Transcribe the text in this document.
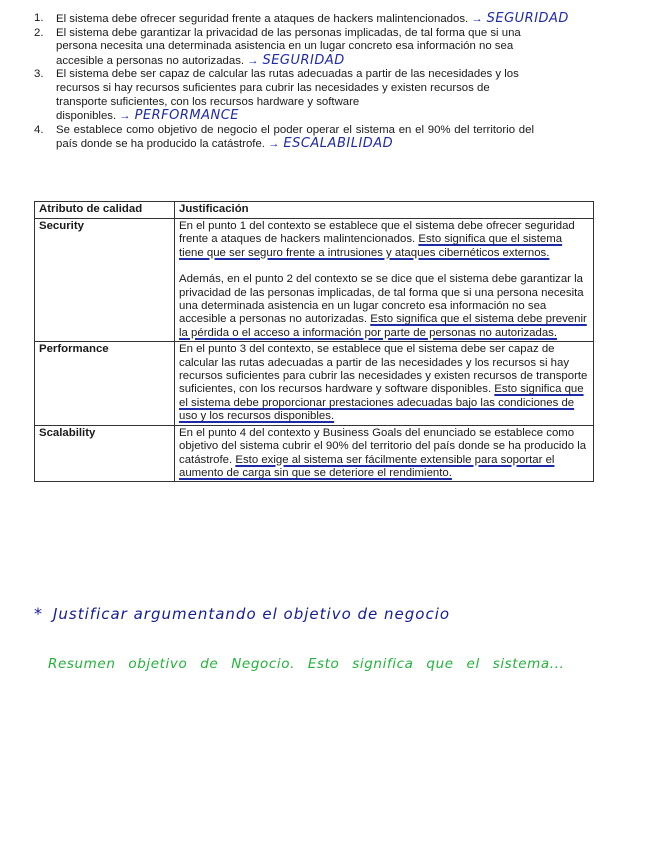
1.	El sistema debe ofrecer seguridad frente a ataques de hackers malintencionados. → SEGURIDAD
2.	El sistema debe garantizar la privacidad de las personas implicadas, de tal forma que si una persona necesita una determinada asistencia en un lugar concreto esa información no sea accesible a personas no autorizadas. → SEGURIDAD
3.	El sistema debe ser capaz de calcular las rutas adecuadas a partir de las necesidades y los recursos si hay recursos suficientes para cubrir las necesidades y existen recursos de transporte suficientes, con los recursos hardware y software disponibles. → PERFORMANCE
4.	Se establece como objetivo de negocio el poder operar el sistema en el 90% del territorio del país donde se ha producido la catástrofe. → ESCALABILIDAD
Atributo de calidad	Justificación
Security	En el punto 1 del contexto se establece que el sistema debe ofrecer seguridad frente a ataques de hackers malintencionados. Esto significa que el sistema tiene que ser seguro frente a intrusiones y ataques cibernéticos externos.
Además, en el punto 2 del contexto se se dice que el sistema debe garantizar la privacidad de las personas implicadas, de tal forma que si una persona necesita una determinada asistencia en un lugar concreto esa información no sea accesible a personas no autorizadas. Esto significa que el sistema debe prevenir la pérdida o el acceso a información por parte de personas no autorizadas.
Performance	En el punto 3 del contexto, se establece que el sistema debe ser capaz de calcular las rutas adecuadas a partir de las necesidades y los recursos si hay recursos suficientes para cubrir las necesidades y existen recursos de transporte suficientes, con los recursos hardware y software disponibles. Esto significa que el sistema debe proporcionar prestaciones adecuadas bajo las condiciones de uso y los recursos disponibles.
Scalability	En el punto 4 del contexto y Business Goals del enunciado se establece como objetivo del sistema cubrir el 90% del territorio del país donde se ha producido la catástrofe. Esto exige al sistema ser fácilmente extensible para soportar el aumento de carga sin que se deteriore el rendimiento.
* Justificar argumentando el objetivo de negocio
Resumen objetivo de Negocio. Esto significa que el sistema...
